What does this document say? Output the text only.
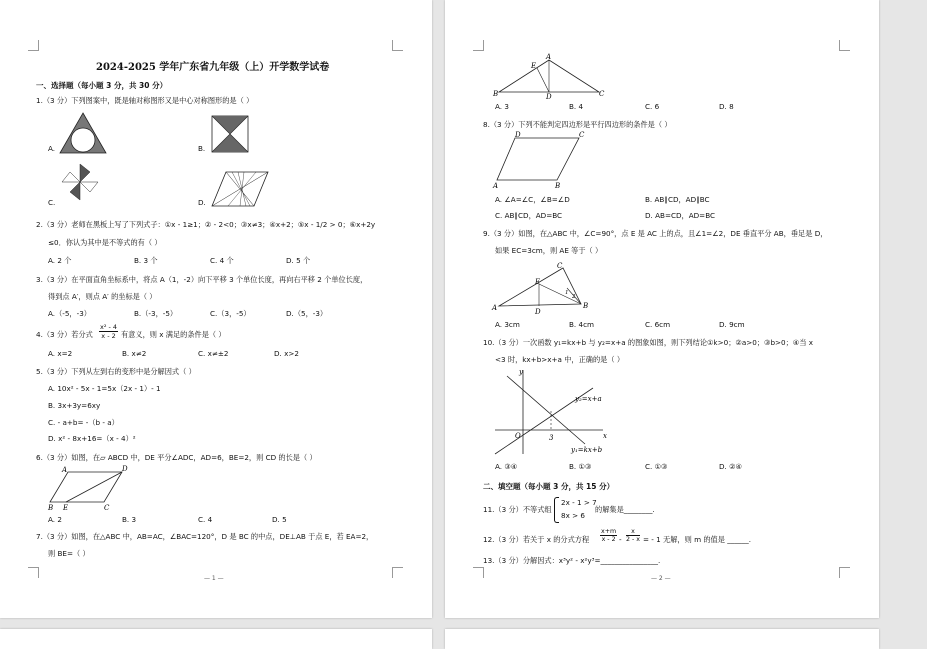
2024-2025 学年广东省九年级（上）开学数学试卷
一、选择题（每小题 3 分，共 30 分）
1.（3 分）下列图案中，既是轴对称图形又是中心对称图形的是（ ）
A.	B.
C.	D.
2.（3 分）老师在黑板上写了下列式子：①x - 1≥1；② - 2<0；③x≠3；④x+2；⑤x - 1/2 > 0；⑥x+2y
≤0．你认为其中是不等式的有（ ）
A. 2 个	B. 3 个	C. 4 个	D. 5 个
3.（3 分）在平面直角坐标系中，将点 A（1，-2）向下平移 3 个单位长度，再向右平移 2 个单位长度，
得到点 A′，则点 A′ 的坐标是（ ）
A.（-5，-3）	B.（-3，-5）	C.（3，-5）	D.（5，-3）
4.（3 分）若分式 $\frac{\text{x² - 4}}{x - 2}$ 有意义，则 x 满足的条件是（ ）
A. x=2	B. x≠2	C. x≠±2	D. x>2
5.（3 分）下列从左到右的变形中是分解因式（ ）
A. 10x² - 5x - 1=5x（2x - 1）- 1
B. 3x+3y=6xy
C. - a+b= -（b - a）
D. x² - 8x+16=（x - 4）²
6.（3 分）如图，在▱ ABCD 中，DE 平分∠ADC，AD=6，BE=2，则 CD 的长是（ ）
A	D
B E	C
A. 2	B. 3	C. 4	D. 5
7.（3 分）如图，在△ABC 中，AB=AC，∠BAC=120°，D 是 BC 的中点，DE⊥AB 于点 E，若 EA=2，
则 BE=（ ）
— 1 —
A
E
B	D	C
A. 3	B. 4	C. 6	D. 8
8.（3 分）下列不能判定四边形是平行四边形的条件是（ ）
D	C
A	B
A. ∠A=∠C，∠B=∠D	B. AB∥CD，AD∥BC
C. AB∥CD，AD=BC	D. AB=CD，AD=BC
9.（3 分）如图，在△ABC 中，∠C=90°，点 E 是 AC 上的点，且∠1=∠2，DE 垂直平分 AB，垂足是 D，
如果 EC=3cm，则 AE 等于（ ）
C
E
A	D
B
1
2
A. 3cm	B. 4cm	C. 6cm	D. 9cm
10.（3 分）一次函数 y₁=kx+b 与 y₂=x+a 的图象如图，则下列结论①k>0；②a>0；③b>0；④当 x
<3 时，kx+b>x+a 中，正确的是（ ）
y
x
O	3
y₂=x+a
y₁=kx+b
A. ③④	B. ①③	C. ①③	D. ②④
二、填空题（每小题 3 分，共 15 分）
11.（3 分）不等式组
2x - 1 > 7
8x > 6
的解集是________.
12.（3 分）若关于 x 的分式方程 $\frac{x+m}{x - 2} - \frac{x}{2 - x}$ = - 1 无解，则 m 的值是 ______.
13.（3 分）分解因式：x³y² - x²y³=________________.
— 2 —
